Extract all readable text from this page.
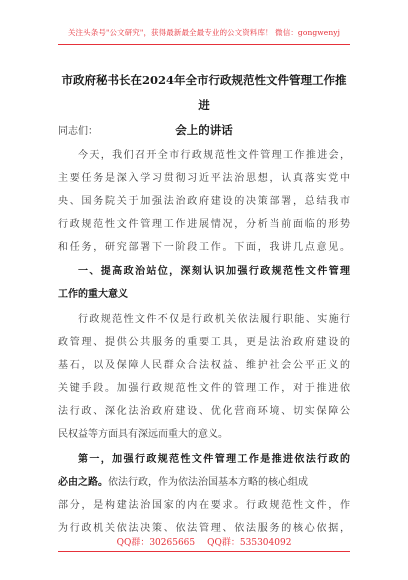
关注头条号"公文研究"，获得最新最全最专业的公文资料库！ 微信：gongwenyj
市政府秘书长在2024年全市行政规范性文件管理工作推进
会上的讲话
同志们：
今天，我们召开全市行政规范性文件管理工作推进会，
主要任务是深入学习贯彻习近平法治思想，认真落实党中
央、国务院关于加强法治政府建设的决策部署，总结我市
行政规范性文件管理工作进展情况，分析当前面临的形势
和任务，研究部署下一阶段工作。下面，我讲几点意见。
一、提高政治站位，深刻认识加强行政规范性文件管理
工作的重大意义
行政规范性文件不仅是行政机关依法履行职能、实施行
政管理、提供公共服务的重要工具，更是法治政府建设的
基石，以及保障人民群众合法权益、维护社会公平正义的
关键手段。加强行政规范性文件的管理工作，对于推进依
法行政、深化法治政府建设、优化营商环境、切实保障公
民权益等方面具有深远而重大的意义。
第一，加强行政规范性文件管理工作是推进依法行政的
必由之路。依法行政，作为依法治国基本方略的核心组成
部分，是构建法治国家的内在要求。行政规范性文件，作
为行政机关依法决策、依法管理、依法服务的核心依据，
QQ群：30265665 QQ群：535304092
